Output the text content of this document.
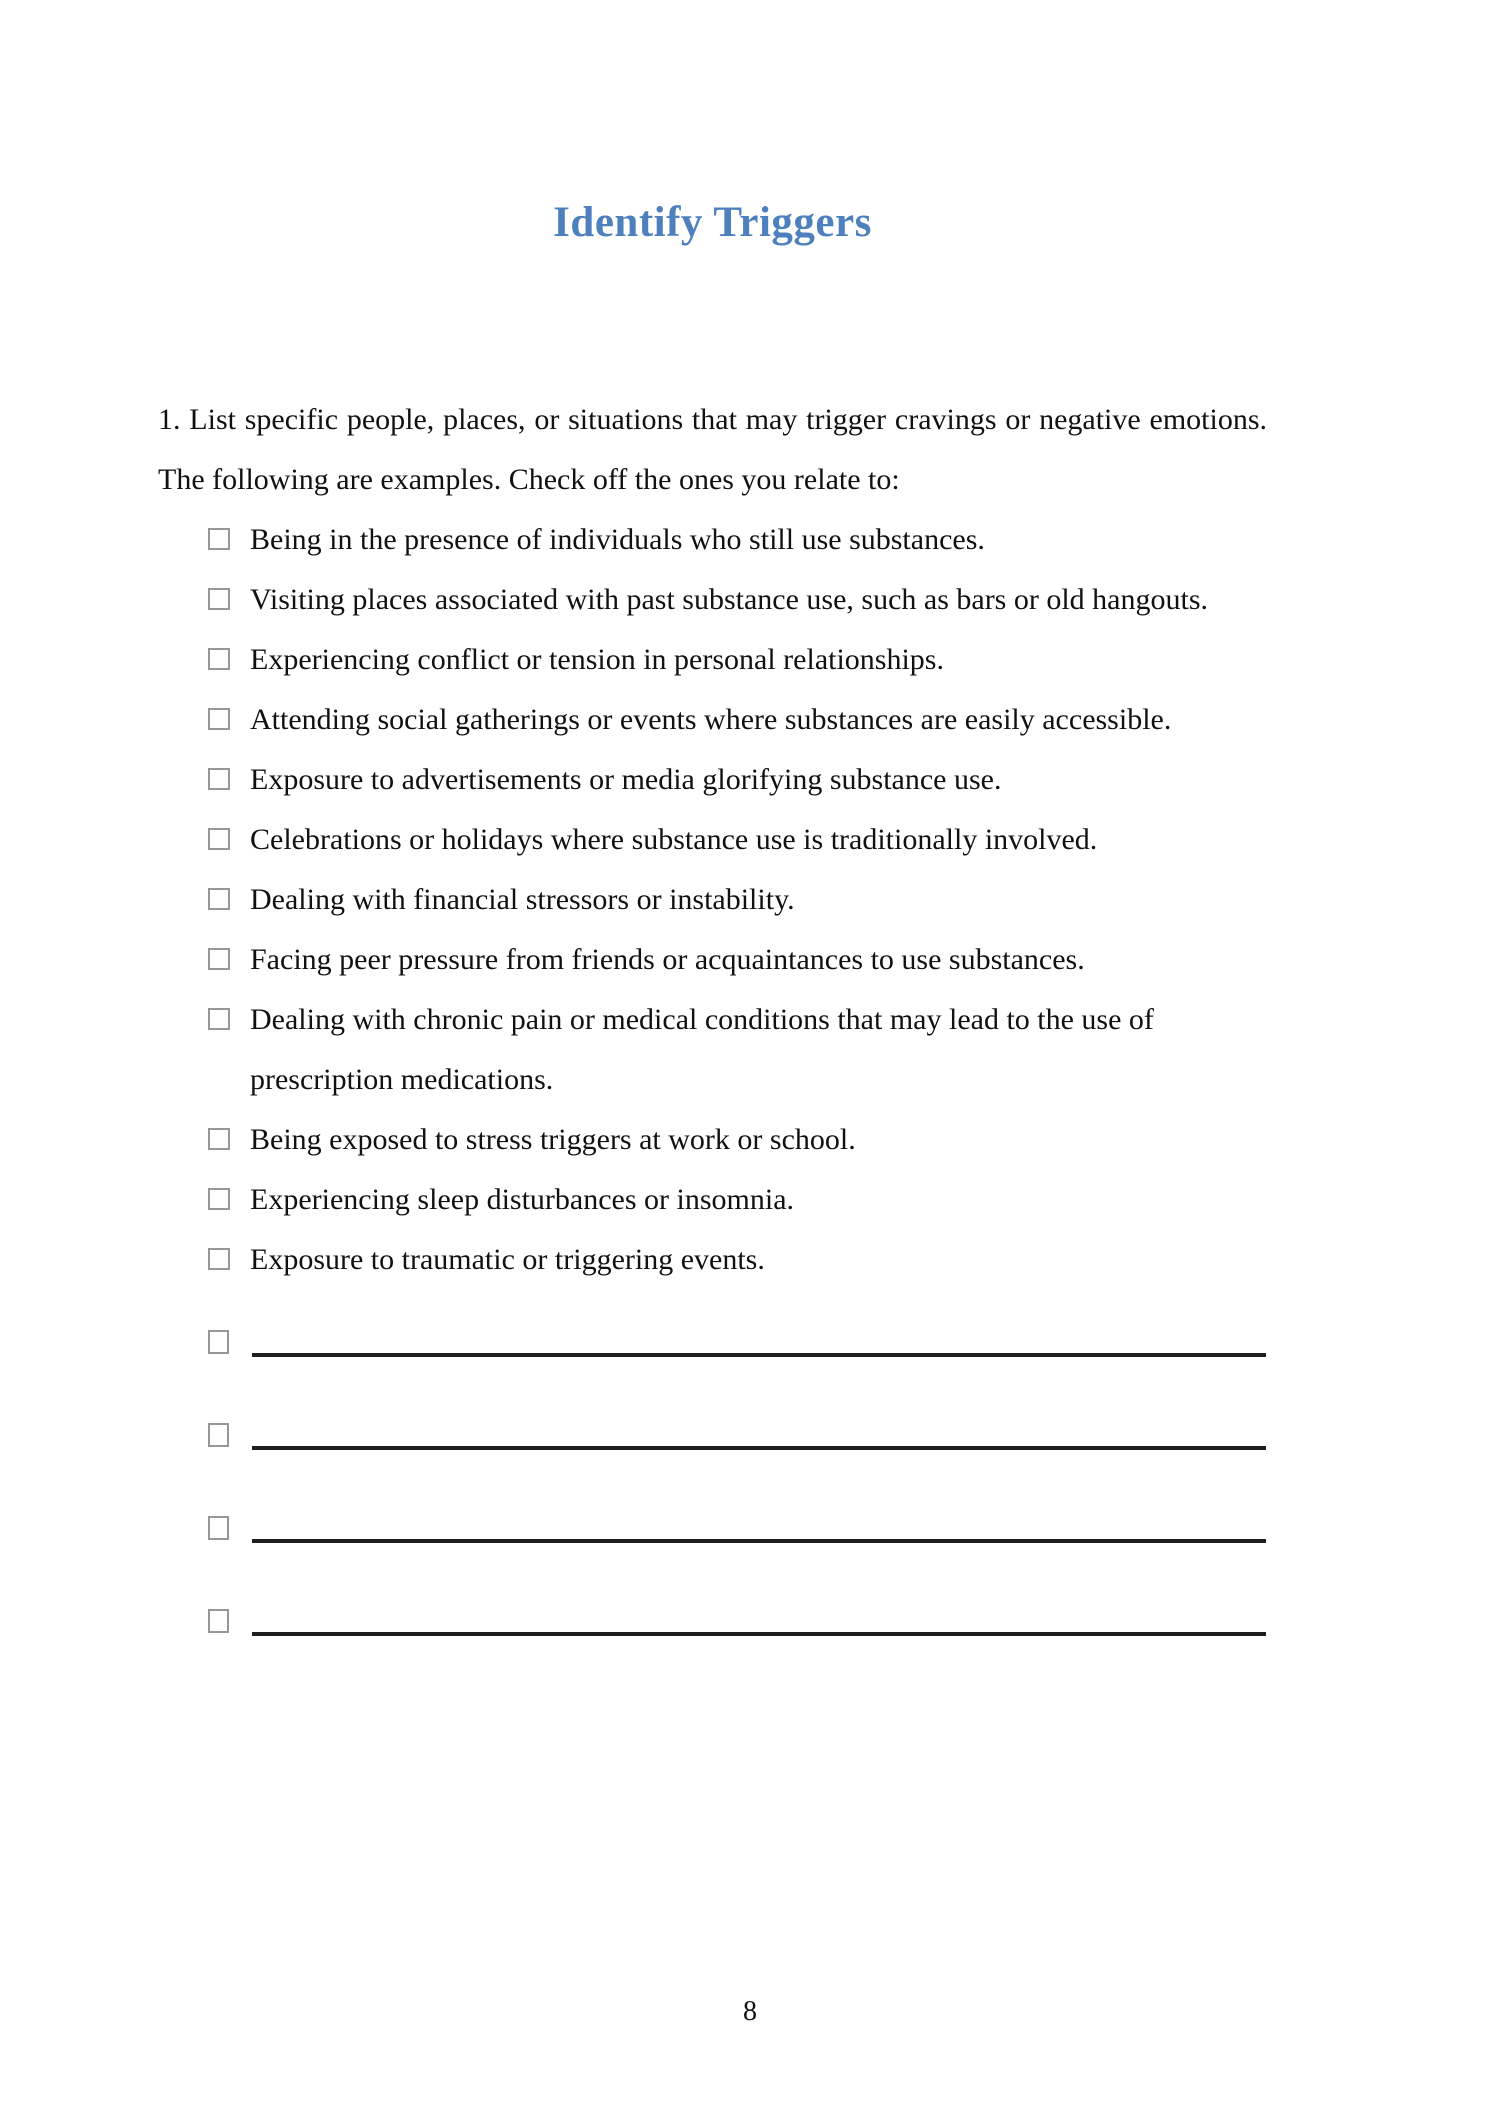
Identify Triggers

1. List specific people, places, or situations that may trigger cravings or negative emotions. The following are examples. Check off the ones you relate to:

Being in the presence of individuals who still use substances.
Visiting places associated with past substance use, such as bars or old hangouts.
Experiencing conflict or tension in personal relationships.
Attending social gatherings or events where substances are easily accessible.
Exposure to advertisements or media glorifying substance use.
Celebrations or holidays where substance use is traditionally involved.
Dealing with financial stressors or instability.
Facing peer pressure from friends or acquaintances to use substances.
Dealing with chronic pain or medical conditions that may lead to the use of prescription medications.
Being exposed to stress triggers at work or school.
Experiencing sleep disturbances or insomnia.
Exposure to traumatic or triggering events.
8
